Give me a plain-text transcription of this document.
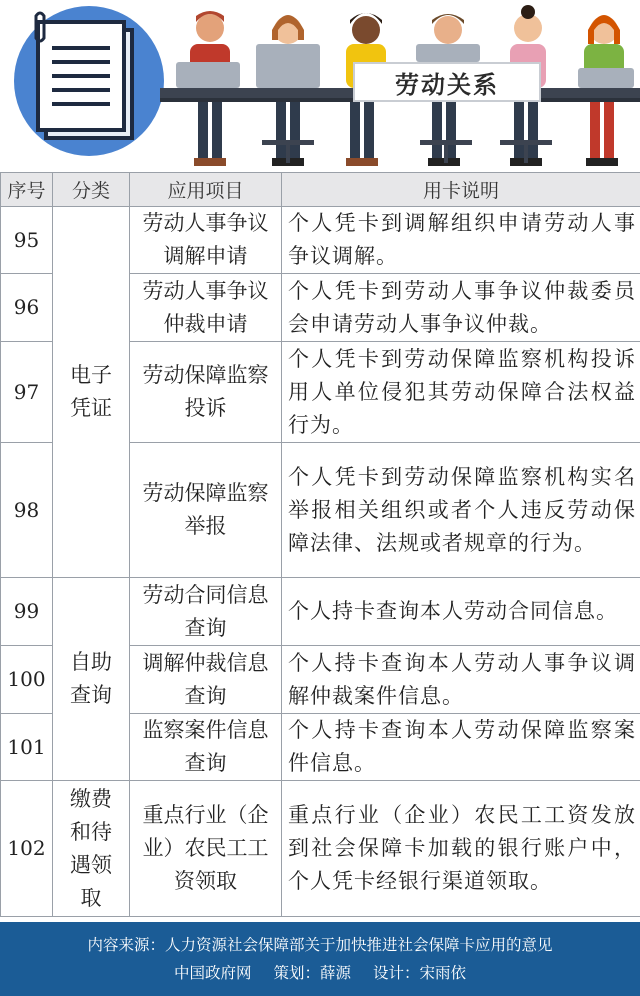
劳动关系
序号	分类	应用项目	用卡说明
95	电子凭证	劳动人事争议调解申请	个人凭卡到调解组织申请劳动人事争议调解。
96		劳动人事争议仲裁申请	个人凭卡到劳动人事争议仲裁委员会申请劳动人事争议仲裁。
97		劳动保障监察投诉	个人凭卡到劳动保障监察机构投诉用人单位侵犯其劳动保障合法权益行为。
98		劳动保障监察举报	个人凭卡到劳动保障监察机构实名举报相关组织或者个人违反劳动保障法律、法规或者规章的行为。
99	自助查询	劳动合同信息查询	个人持卡查询本人劳动合同信息。
100		调解仲裁信息查询	个人持卡查询本人劳动人事争议调解仲裁案件信息。
101		监察案件信息查询	个人持卡查询本人劳动保障监察案件信息。
102	缴费和待遇领取	重点行业（企业）农民工工资领取	重点行业（企业）农民工工资发放到社会保障卡加载的银行账户中，个人凭卡经银行渠道领取。
内容来源：人力资源社会保障部关于加快推进社会保障卡应用的意见
中国政府网 策划：薛源 设计：宋雨依
